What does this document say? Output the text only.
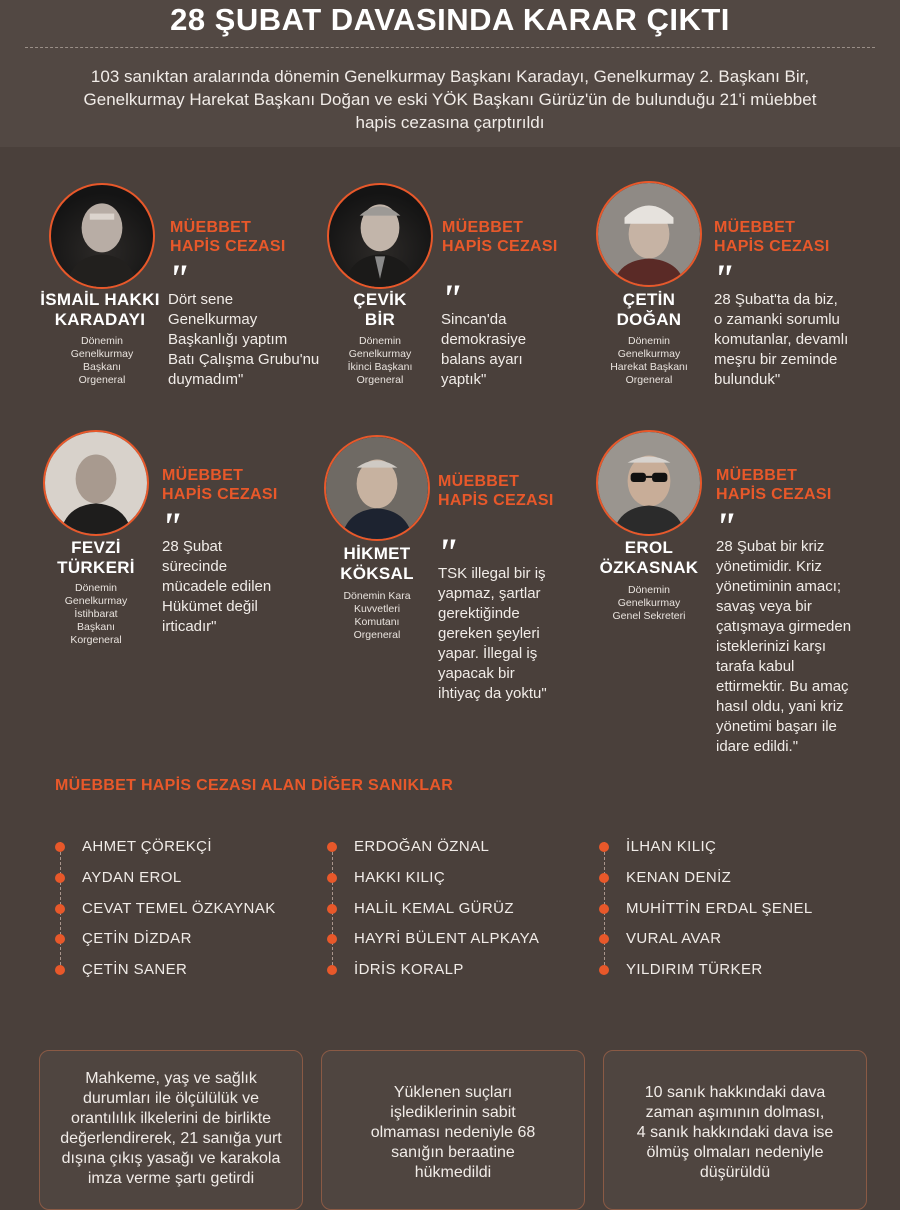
28 ŞUBAT DAVASINDA KARAR ÇIKTI
103 sanıktan aralarında dönemin Genelkurmay Başkanı Karadayı, Genelkurmay 2. Başkanı Bir, Genelkurmay Harekat Başkanı Doğan ve eski YÖK Başkanı Gürüz'ün de bulunduğu 21'i müebbet hapis cezasına çarptırıldı
MÜEBBET
HAPİS CEZASI
"
İSMAİL HAKKI
KARADAYI
Dönemin
Genelkurmay
Başkanı
Orgeneral
Dört sene
Genelkurmay
Başkanlığı yaptım
Batı Çalışma Grubu'nu
duymadım"
MÜEBBET
HAPİS CEZASI
"
ÇEVİK
BİR
Dönemin
Genelkurmay
İkinci Başkanı
Orgeneral
Sincan'da
demokrasiye
balans ayarı
yaptık"
MÜEBBET
HAPİS CEZASI
"
ÇETİN
DOĞAN
Dönemin
Genelkurmay
Harekat Başkanı
Orgeneral
28 Şubat'ta da biz,
o zamanki sorumlu
komutanlar, devamlı
meşru bir zeminde
bulunduk"
MÜEBBET
HAPİS CEZASI
"
FEVZİ
TÜRKERİ
Dönemin
Genelkurmay
İstihbarat
Başkanı
Korgeneral
28 Şubat
sürecinde
mücadele edilen
Hükümet değil
irticadır"
MÜEBBET
HAPİS CEZASI
"
HİKMET
KÖKSAL
Dönemin Kara
Kuvvetleri
Komutanı
Orgeneral
TSK illegal bir iş
yapmaz, şartlar
gerektiğinde
gereken şeyleri
yapar. İllegal iş
yapacak bir
ihtiyaç da yoktu"
MÜEBBET
HAPİS CEZASI
"
EROL
ÖZKASNAK
Dönemin
Genelkurmay
Genel Sekreteri
28 Şubat bir kriz
yönetimidir. Kriz
yönetiminin amacı;
savaş veya bir
çatışmaya girmeden
isteklerinizi karşı
tarafa kabul
ettirmektir. Bu amaç
hasıl oldu, yani kriz
yönetimi başarı ile
idare edildi."
MÜEBBET HAPİS CEZASI ALAN DİĞER SANIKLAR
AHMET ÇÖREKÇİ
AYDAN EROL
CEVAT TEMEL ÖZKAYNAK
ÇETİN DİZDAR
ÇETİN SANER
ERDOĞAN ÖZNAL
HAKKI KILIÇ
HALİL KEMAL GÜRÜZ
HAYRİ BÜLENT ALPKAYA
İDRİS KORALP
İLHAN KILIÇ
KENAN DENİZ
MUHİTTİN ERDAL ŞENEL
VURAL AVAR
YILDIRIM TÜRKER
Mahkeme, yaş ve sağlık
durumları ile ölçülülük ve
orantılılık ilkelerini de birlikte
değerlendirerek, 21 sanığa yurt
dışına çıkış yasağı ve karakola
imza verme şartı getirdi
Yüklenen suçları
işlediklerinin sabit
olmaması nedeniyle 68
sanığın beraatine
hükmedildi
10 sanık hakkındaki dava
zaman aşımının dolması,
4 sanık hakkındaki dava ise
ölmüş olmaları nedeniyle
düşürüldü
